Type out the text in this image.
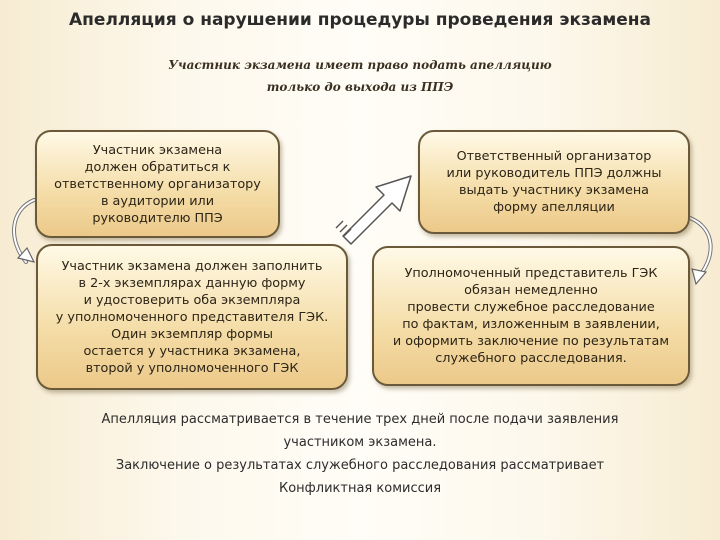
Апелляция о нарушении процедуры проведения экзамена
Участник экзамена имеет право подать апелляцию
только до выхода из ППЭ
Участник экзамена
должен обратиться к
ответственному организатору
в аудитории или
руководителю ППЭ
Ответственный организатор
или руководитель ППЭ должны
выдать участнику экзамена
форму апелляции
Участник экзамена должен заполнить
в 2-х экземплярах данную форму
и удостоверить оба экземпляра
у уполномоченного представителя ГЭК.
Один экземпляр формы
остается у участника экзамена,
второй у уполномоченного ГЭК
Уполномоченный представитель ГЭК
обязан немедленно
провести служебное расследование
по фактам, изложенным в заявлении,
и оформить заключение по результатам
служебного расследования.
Апелляция рассматривается в течение трех дней после подачи заявления
участником экзамена.
Заключение о результатах служебного расследования рассматривает
Конфликтная комиссия
